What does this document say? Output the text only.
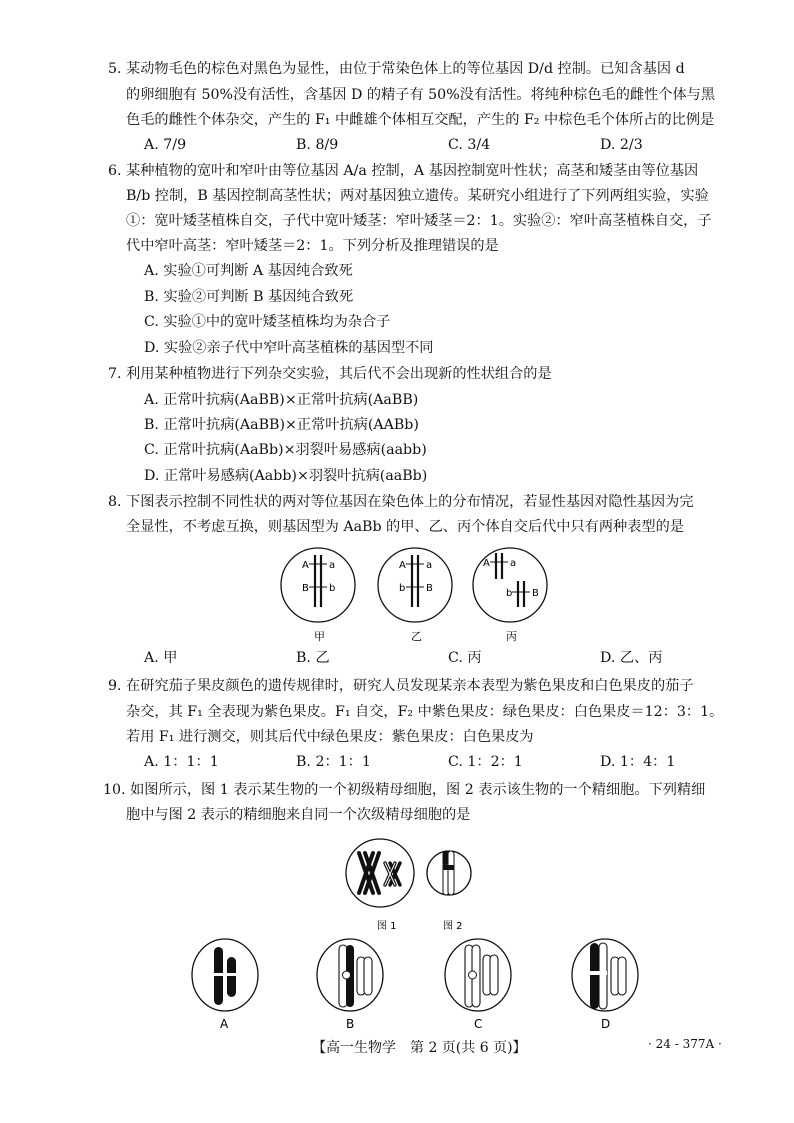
5. 某动物毛色的棕色对黑色为显性，由位于常染色体上的等位基因 D/d 控制。已知含基因 d
的卵细胞有 50%没有活性，含基因 D 的精子有 50%没有活性。将纯种棕色毛的雌性个体与黑
色毛的雌性个体杂交，产生的 F₁ 中雌雄个体相互交配，产生的 F₂ 中棕色毛个体所占的比例是
A. 7/9	B. 8/9	C. 3/4	D. 2/3
6. 某种植物的宽叶和窄叶由等位基因 A/a 控制，A 基因控制宽叶性状；高茎和矮茎由等位基因
B/b 控制，B 基因控制高茎性状；两对基因独立遗传。某研究小组进行了下列两组实验，实验
①：宽叶矮茎植株自交，子代中宽叶矮茎：窄叶矮茎＝2：1。实验②：窄叶高茎植株自交，子
代中窄叶高茎：窄叶矮茎＝2：1。下列分析及推理错误的是
A. 实验①可判断 A 基因纯合致死
B. 实验②可判断 B 基因纯合致死
C. 实验①中的宽叶矮茎植株均为杂合子
D. 实验②亲子代中窄叶高茎植株的基因型不同
7. 利用某种植物进行下列杂交实验，其后代不会出现新的性状组合的是
A. 正常叶抗病(AaBB)×正常叶抗病(AaBB)
B. 正常叶抗病(AaBB)×正常叶抗病(AABb)
C. 正常叶抗病(AaBb)×羽裂叶易感病(aabb)
D. 正常叶易感病(Aabb)×羽裂叶抗病(aaBb)
8. 下图表示控制不同性状的两对等位基因在染色体上的分布情况，若显性基因对隐性基因为完
全显性，不考虑互换，则基因型为 AaBb 的甲、乙、丙个体自交后代中只有两种表型的是
A a
B b
A a
b B
A a
b B
甲	乙	丙
A. 甲	B. 乙	C. 丙	D. 乙、丙
9. 在研究茄子果皮颜色的遗传规律时，研究人员发现某亲本表型为紫色果皮和白色果皮的茄子
杂交，其 F₁ 全表现为紫色果皮。F₁ 自交，F₂ 中紫色果皮：绿色果皮：白色果皮＝12：3：1。
若用 F₁ 进行测交，则其后代中绿色果皮：紫色果皮：白色果皮为
A. 1：1：1	B. 2：1：1	C. 1：2：1	D. 1：4：1
10. 如图所示，图 1 表示某生物的一个初级精母细胞，图 2 表示该生物的一个精细胞。下列精细
胞中与图 2 表示的精细胞来自同一个次级精母细胞的是
图 1	图 2
A	B	C	D
【高一生物学　第 2 页(共 6 页)】	· 24 - 377A ·
